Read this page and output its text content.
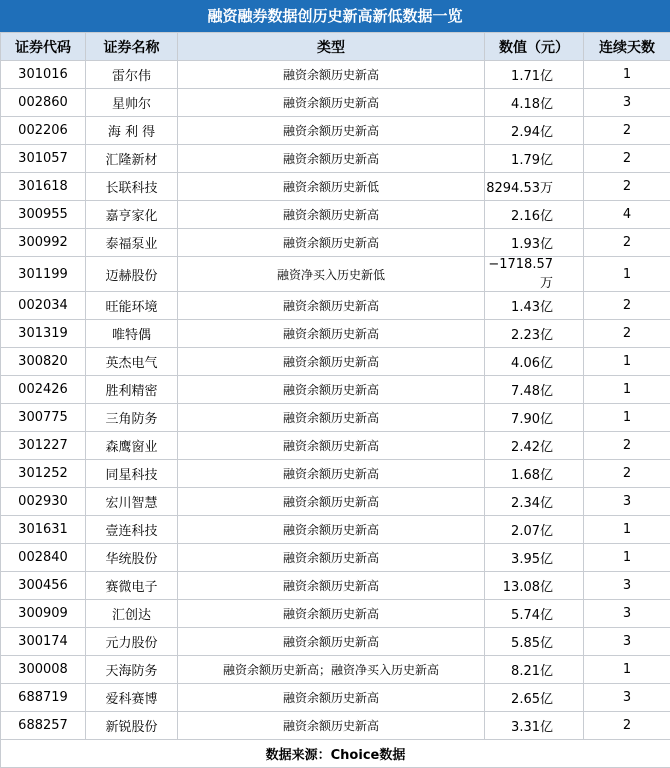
融资融券数据创历史新高新低数据一览
证券代码	证券名称	类型	数值（元）	连续天数
301016	雷尔伟	融资余额历史新高	1.71亿	1
002860	星帅尔	融资余额历史新高	4.18亿	3
002206	海 利 得	融资余额历史新高	2.94亿	2
301057	汇隆新材	融资余额历史新高	1.79亿	2
301618	长联科技	融资余额历史新低	8294.53万	2
300955	嘉亨家化	融资余额历史新高	2.16亿	4
300992	泰福泵业	融资余额历史新高	1.93亿	2
301199	迈赫股份	融资净买入历史新低	−1718.57万	1
002034	旺能环境	融资余额历史新高	1.43亿	2
301319	唯特偶	融资余额历史新高	2.23亿	2
300820	英杰电气	融资余额历史新高	4.06亿	1
002426	胜利精密	融资余额历史新高	7.48亿	1
300775	三角防务	融资余额历史新高	7.90亿	1
301227	森鹰窗业	融资余额历史新高	2.42亿	2
301252	同星科技	融资余额历史新高	1.68亿	2
002930	宏川智慧	融资余额历史新高	2.34亿	3
301631	壹连科技	融资余额历史新高	2.07亿	1
002840	华统股份	融资余额历史新高	3.95亿	1
300456	赛微电子	融资余额历史新高	13.08亿	3
300909	汇创达	融资余额历史新高	5.74亿	3
300174	元力股份	融资余额历史新高	5.85亿	3
300008	天海防务	融资余额历史新高；融资净买入历史新高	8.21亿	1
688719	爱科赛博	融资余额历史新高	2.65亿	3
688257	新锐股份	融资余额历史新高	3.31亿	2
数据来源：Choice数据				
